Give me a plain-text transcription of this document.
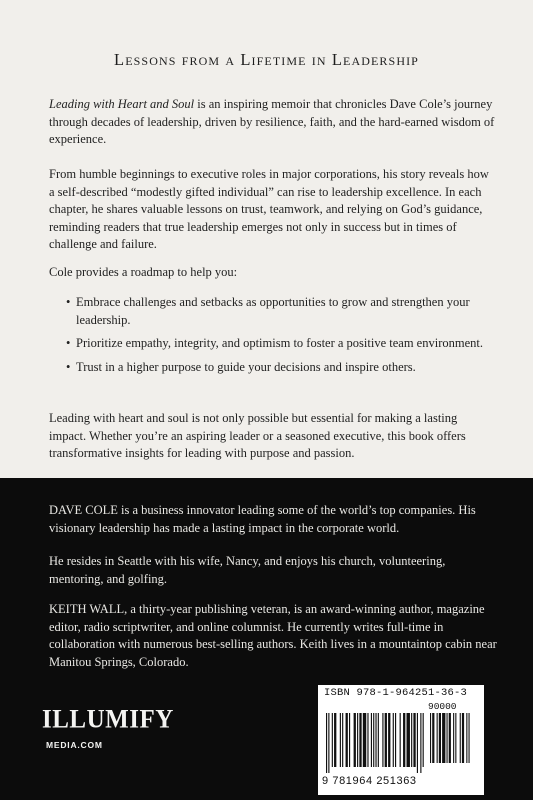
Lessons from a Lifetime in Leadership

Leading with Heart and Soul is an inspiring memoir that chronicles Dave Cole’s journey through decades of leadership, driven by resilience, faith, and the hard-earned wisdom of experience.

From humble beginnings to executive roles in major corporations, his story reveals how a self-described “modestly gifted individual” can rise to leadership excellence. In each chapter, he shares valuable lessons on trust, teamwork, and relying on God’s guidance, reminding readers that true leadership emerges not only in success but in times of challenge and failure.

Cole provides a roadmap to help you:

• Embrace challenges and setbacks as opportunities to grow and strengthen your leadership.
• Prioritize empathy, integrity, and optimism to foster a positive team environment.
• Trust in a higher purpose to guide your decisions and inspire others.

Leading with heart and soul is not only possible but essential for making a lasting impact. Whether you’re an aspiring leader or a seasoned executive, this book offers transformative insights for leading with purpose and passion.

DAVE COLE is a business innovator leading some of the world’s top companies. His visionary leadership has made a lasting impact in the corporate world.

He resides in Seattle with his wife, Nancy, and enjoys his church, volunteering, mentoring, and golfing.

KEITH WALL, a thirty-year publishing veteran, is an award-winning author, magazine editor, radio scriptwriter, and online columnist. He currently writes full-time in collaboration with numerous best-selling authors. Keith lives in a mountaintop cabin near Manitou Springs, Colorado.

ILLUMIFY
MEDIA.COM
ISBN 978-1-964251-36-3
90000
9 781964 251363
